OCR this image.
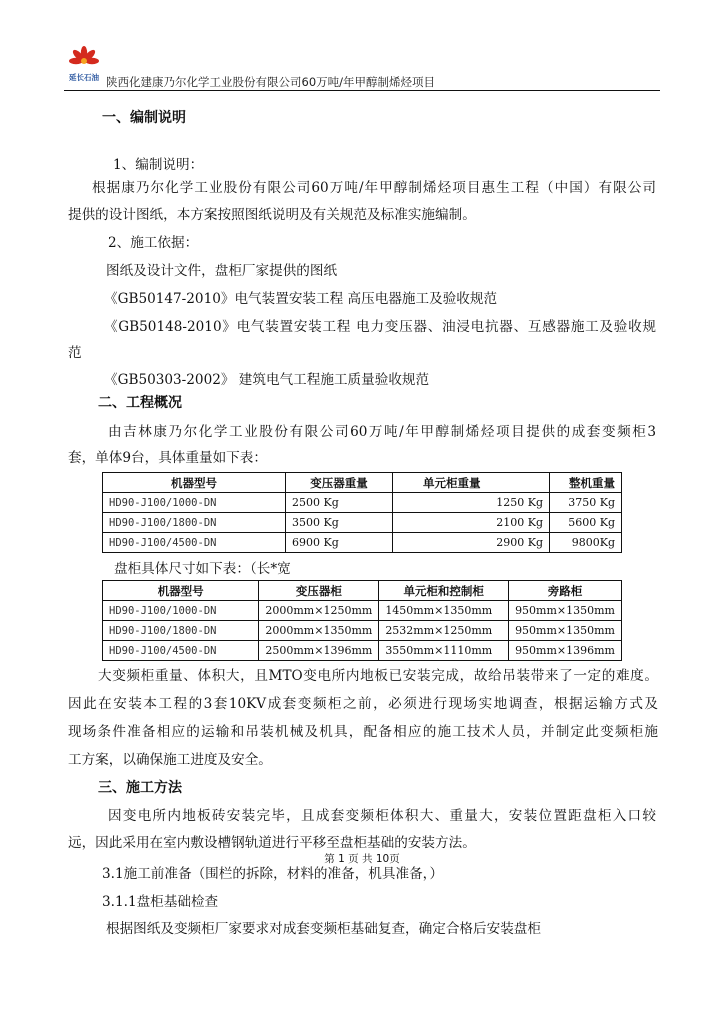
延长石油 陕西化建康乃尔化学工业股份有限公司60万吨/年甲醇制烯烃项目
一、编制说明
1、编制说明：
根据康乃尔化学工业股份有限公司60万吨/年甲醇制烯烃项目惠生工程（中国）有限公司
提供的设计图纸，本方案按照图纸说明及有关规范及标准实施编制。
2、施工依据：
图纸及设计文件，盘柜厂家提供的图纸
《GB50147-2010》电气装置安装工程 高压电器施工及验收规范
《GB50148-2010》电气装置安装工程 电力变压器、油浸电抗器、互感器施工及验收规
范
《GB50303-2002》 建筑电气工程施工质量验收规范
二、工程概况
由吉林康乃尔化学工业股份有限公司60万吨/年甲醇制烯烃项目提供的成套变频柜3
套，单体9台，具体重量如下表：
机器型号	变压器重量	单元柜重量	整机重量
HD90-J100/1000-DN	2500 Kg	1250 Kg	3750 Kg
HD90-J100/1800-DN	3500 Kg	2100 Kg	5600 Kg
HD90-J100/4500-DN	6900 Kg	2900 Kg	9800Kg
盘柜具体尺寸如下表：（长*宽
机器型号	变压器柜	单元柜和控制柜	旁路柜
HD90-J100/1000-DN	2000mm×1250mm	1450mm×1350mm	950mm×1350mm
HD90-J100/1800-DN	2000mm×1350mm	2532mm×1250mm	950mm×1350mm
HD90-J100/4500-DN	2500mm×1396mm	3550mm×1110mm	950mm×1396mm
大变频柜重量、体积大，且MTO变电所内地板已安装完成，故给吊装带来了一定的难度。
因此在安装本工程的3套10KV成套变频柜之前，必须进行现场实地调查，根据运输方式及
现场条件准备相应的运输和吊装机械及机具，配备相应的施工技术人员，并制定此变频柜施
工方案，以确保施工进度及安全。
三、施工方法
因变电所内地板砖安装完毕，且成套变频柜体积大、重量大，安装位置距盘柜入口较
远，因此采用在室内敷设槽钢轨道进行平移至盘柜基础的安装方法。
第 1 页 共 10页
3.1施工前准备（围栏的拆除，材料的准备，机具准备，）
3.1.1盘柜基础检查
根据图纸及变频柜厂家要求对成套变频柜基础复查，确定合格后安装盘柜
